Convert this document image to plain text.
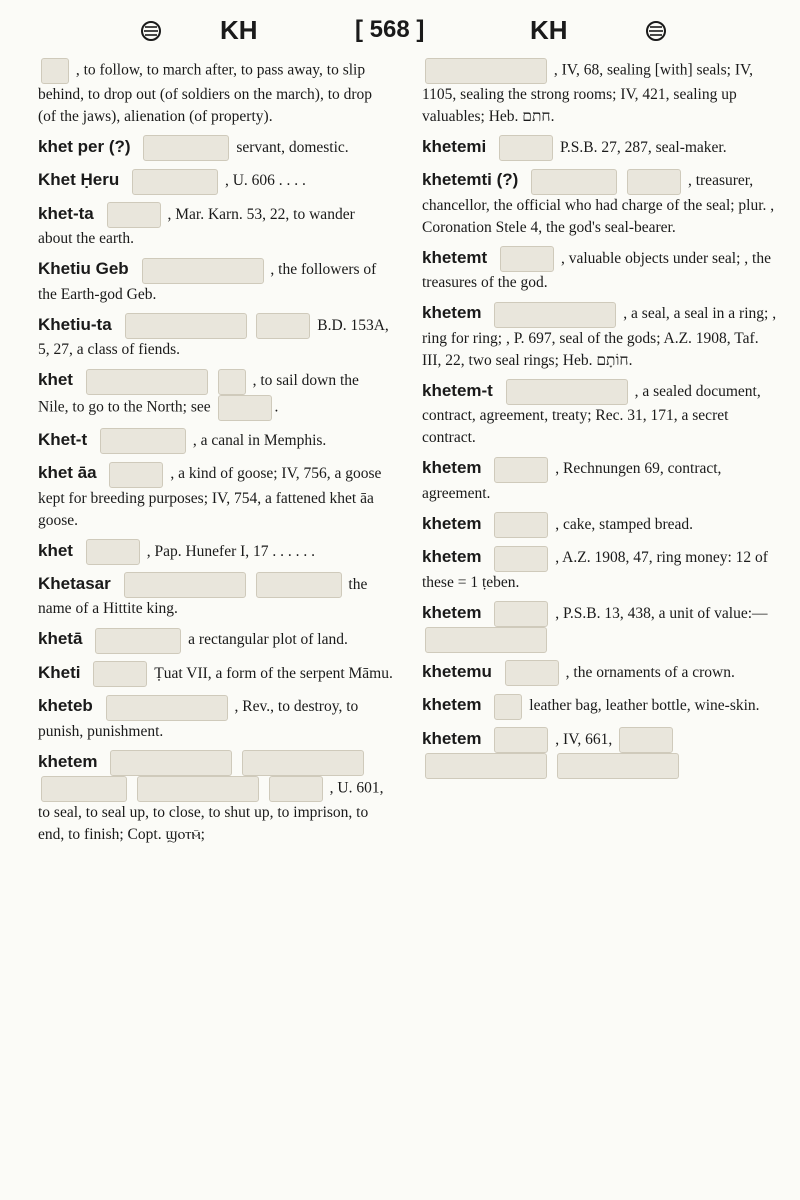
KH	[ 568 ]	KH
, to follow, to march after, to pass away, to slip behind, to drop out (of soldiers on the march), to drop (of the jaws), alienation (of property).
khet per (?)	servant, domestic.
Khet Ḥeru	, U. 606 . . . .
khet-ta	, Mar. Karn. 53, 22, to wander about the earth.
Khetiu Geb	, the followers of the Earth-god Geb.
Khetiu-ta	B.D. 153A, 5, 27, a class of fiends.
khet	, to sail down the Nile, to go to the North; see	.
Khet-t	, a canal in Memphis.
khet āa	, a kind of goose; IV, 756, a goose kept for breeding purposes; IV, 754, a fattened khet āa goose.
khet	, Pap. Hunefer I, 17 . . . . . .
Khetasar	the name of a Hittite king.
khetā	a rectangular plot of land.
Kheti	Ṭuat VII, a form of the serpent Māmu.
kheteb	, Rev., to destroy, to punish, punishment.
khetem      , U. 601, to seal, to seal up, to close, to shut up, to imprison, to end, to finish; Copt. ϣⲟⲧⲙ̄;
, IV, 68, sealing [with] seals; IV, 1105, sealing the strong rooms; IV, 421, sealing up valuables; Heb. חתם.
khetemi	P.S.B. 27, 287, seal-maker.
khetemti (?)	, treasurer, chancellor, the official who had charge of the seal; plur. , Coronation Stele 4, the god's seal-bearer.
khetemt	, valuable objects under seal; , the treasures of the god.
khetem	, a seal, a seal in a ring; , ring for ring; , P. 697, seal of the gods; A.Z. 1908, Taf. III, 22, two seal rings; Heb. חוֹתָם.
khetem-t	, a sealed document, contract, agreement, treaty; Rec. 31, 171, a secret contract.
khetem	, Rechnungen 69, contract, agreement.
khetem	, cake, stamped bread.
khetem	, A.Z. 1908, 47, ring money: 12 of these = 1 ṭeben.
khetem	, P.S.B. 13, 438, a unit of value:—
khetemu	, the ornaments of a crown.
khetem	leather bag, leather bottle, wine-skin.
khetem	, IV, 661,
